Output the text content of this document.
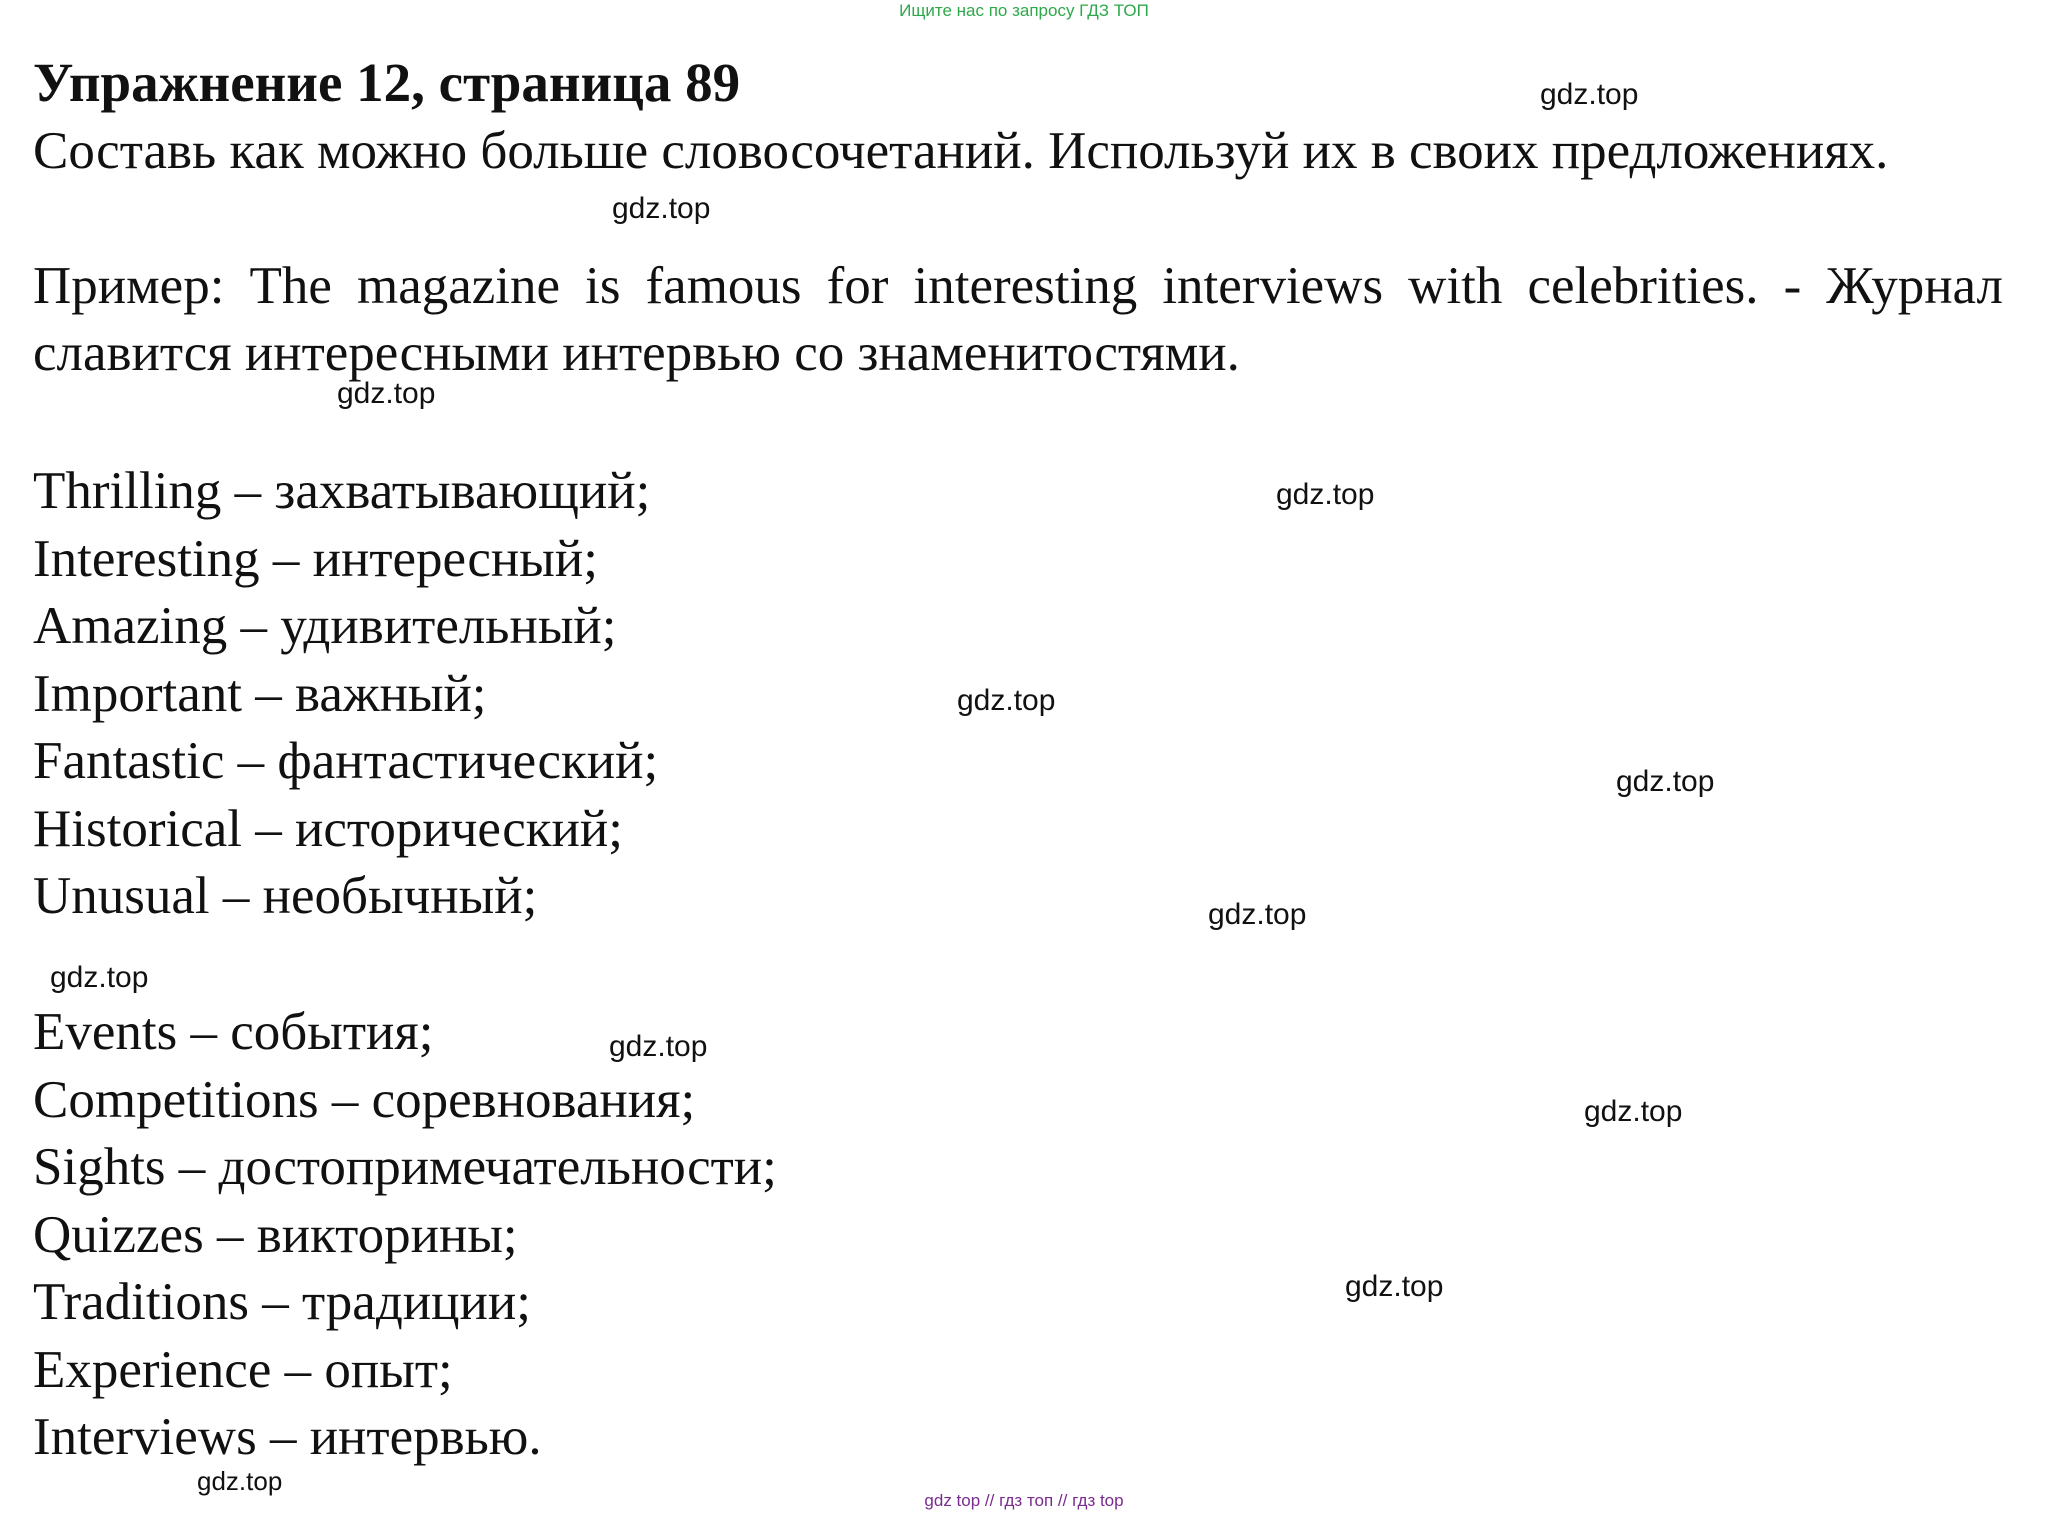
Ищите нас по запросу ГДЗ ТОП
Упражнение 12, страница 89
Составь как можно больше словосочетаний. Используй их в своих предложениях.
Пример: The magazine is famous for interesting interviews with celebrities. - Журнал славится интересными интервью со знаменитостями.
Thrilling – захватывающий;
Interesting – интересный;
Amazing – удивительный;
Important – важный;
Fantastic – фантастический;
Historical – исторический;
Unusual – необычный;
Events – события;
Competitions – соревнования;
Sights – достопримечательности;
Quizzes – викторины;
Traditions – традиции;
Experience – опыт;
Interviews – интервью.
gdz.top
gdz.top
gdz.top
gdz.top
gdz.top
gdz.top
gdz.top
gdz.top
gdz.top
gdz.top
gdz.top
gdz.top
gdz top // гдз топ // гдз top
